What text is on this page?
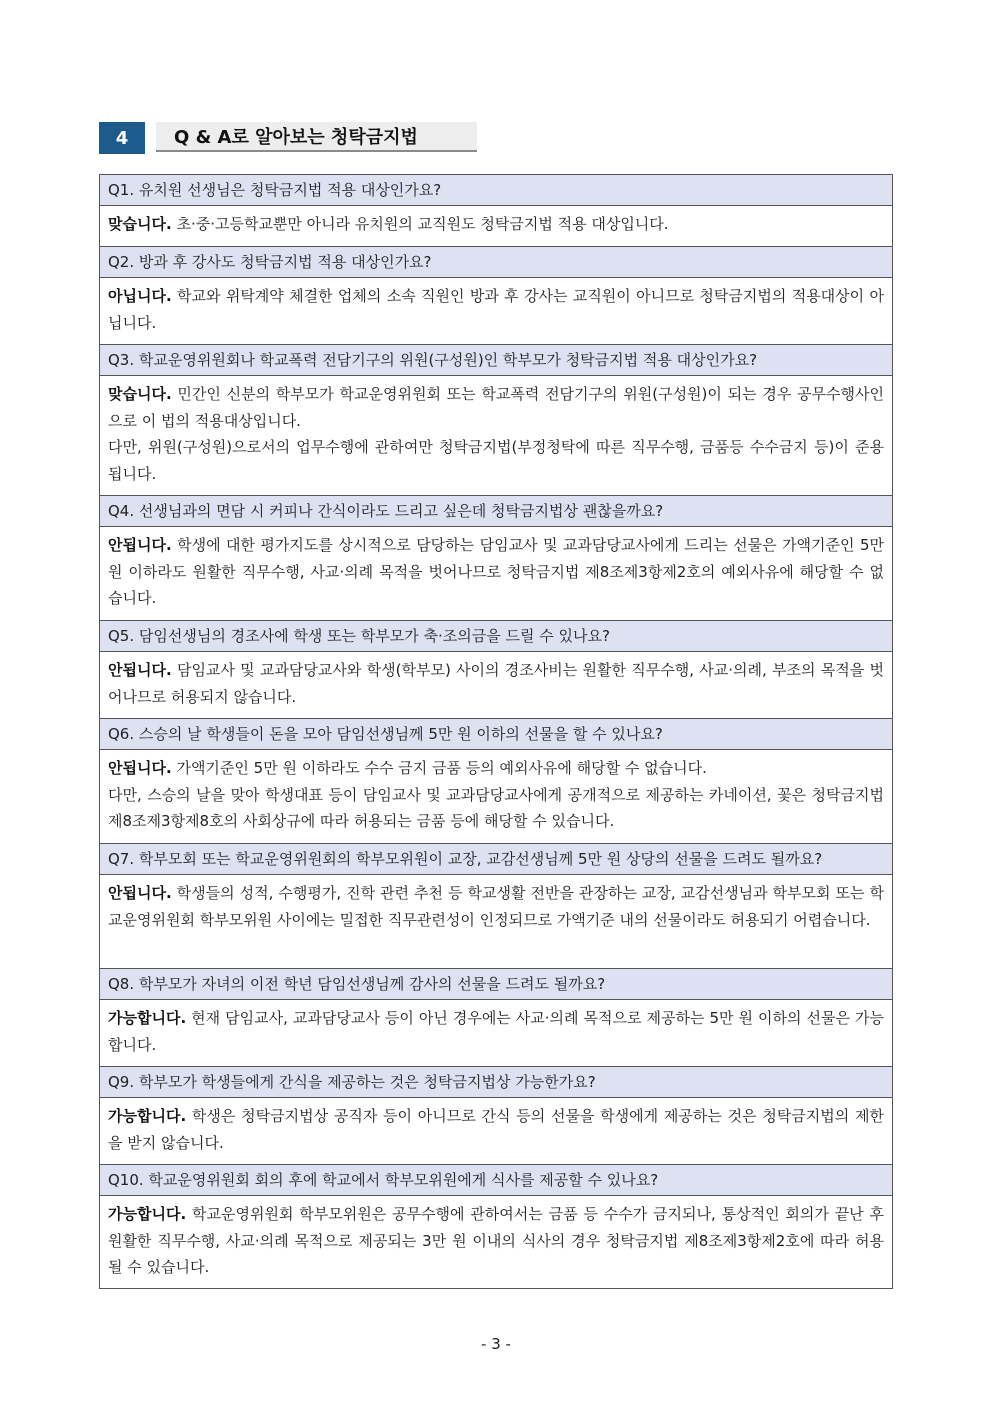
4	Q & A로 알아보는 청탁금지법
Q1. 유치원 선생님은 청탁금지법 적용 대상인가요?

맞습니다. 초·중·고등학교뿐만 아니라 유치원의 교직원도 청탁금지법 적용 대상입니다.

Q2. 방과 후 강사도 청탁금지법 적용 대상인가요?

아닙니다. 학교와 위탁계약 체결한 업체의 소속 직원인 방과 후 강사는 교직원이 아니므로 청탁금지법의 적용대상이 아닙니다.

Q3. 학교운영위원회나 학교폭력 전담기구의 위원(구성원)인 학부모가 청탁금지법 적용 대상인가요?

맞습니다. 민간인 신분의 학부모가 학교운영위원회 또는 학교폭력 전담기구의 위원(구성원)이 되는 경우 공무수행사인으로 이 법의 적용대상입니다.

다만, 위원(구성원)으로서의 업무수행에 관하여만 청탁금지법(부정청탁에 따른 직무수행, 금품등 수수금지 등)이 준용됩니다.

Q4. 선생님과의 면담 시 커피나 간식이라도 드리고 싶은데 청탁금지법상 괜찮을까요?

안됩니다. 학생에 대한 평가지도를 상시적으로 담당하는 담임교사 및 교과담당교사에게 드리는 선물은 가액기준인 5만 원 이하라도 원활한 직무수행, 사교·의례 목적을 벗어나므로 청탁금지법 제8조제3항제2호의 예외사유에 해당할 수 없습니다.

Q5. 담임선생님의 경조사에 학생 또는 학부모가 축·조의금을 드릴 수 있나요?

안됩니다. 담임교사 및 교과담당교사와 학생(학부모) 사이의 경조사비는 원활한 직무수행, 사교·의례, 부조의 목적을 벗어나므로 허용되지 않습니다.

Q6. 스승의 날 학생들이 돈을 모아 담임선생님께 5만 원 이하의 선물을 할 수 있나요?

안됩니다. 가액기준인 5만 원 이하라도 수수 금지 금품 등의 예외사유에 해당할 수 없습니다.

다만, 스승의 날을 맞아 학생대표 등이 담임교사 및 교과담당교사에게 공개적으로 제공하는 카네이션, 꽃은 청탁금지법 제8조제3항제8호의 사회상규에 따라 허용되는 금품 등에 해당할 수 있습니다.

Q7. 학부모회 또는 학교운영위원회의 학부모위원이 교장, 교감선생님께 5만 원 상당의 선물을 드려도 될까요?

안됩니다. 학생들의 성적, 수행평가, 진학 관련 추천 등 학교생활 전반을 관장하는 교장, 교감선생님과 학부모회 또는 학교운영위원회 학부모위원 사이에는 밀접한 직무관련성이 인정되므로 가액기준 내의 선물이라도 허용되기 어렵습니다.

Q8. 학부모가 자녀의 이전 학년 담임선생님께 감사의 선물을 드려도 될까요?

가능합니다. 현재 담임교사, 교과담당교사 등이 아닌 경우에는 사교·의례 목적으로 제공하는 5만 원 이하의 선물은 가능합니다.

Q9. 학부모가 학생들에게 간식을 제공하는 것은 청탁금지법상 가능한가요?

가능합니다. 학생은 청탁금지법상 공직자 등이 아니므로 간식 등의 선물을 학생에게 제공하는 것은 청탁금지법의 제한을 받지 않습니다.

Q10. 학교운영위원회 회의 후에 학교에서 학부모위원에게 식사를 제공할 수 있나요?

가능합니다. 학교운영위원회 학부모위원은 공무수행에 관하여서는 금품 등 수수가 금지되나, 통상적인 회의가 끝난 후 원활한 직무수행, 사교·의례 목적으로 제공되는 3만 원 이내의 식사의 경우 청탁금지법 제8조제3항제2호에 따라 허용될 수 있습니다.

- 3 -
